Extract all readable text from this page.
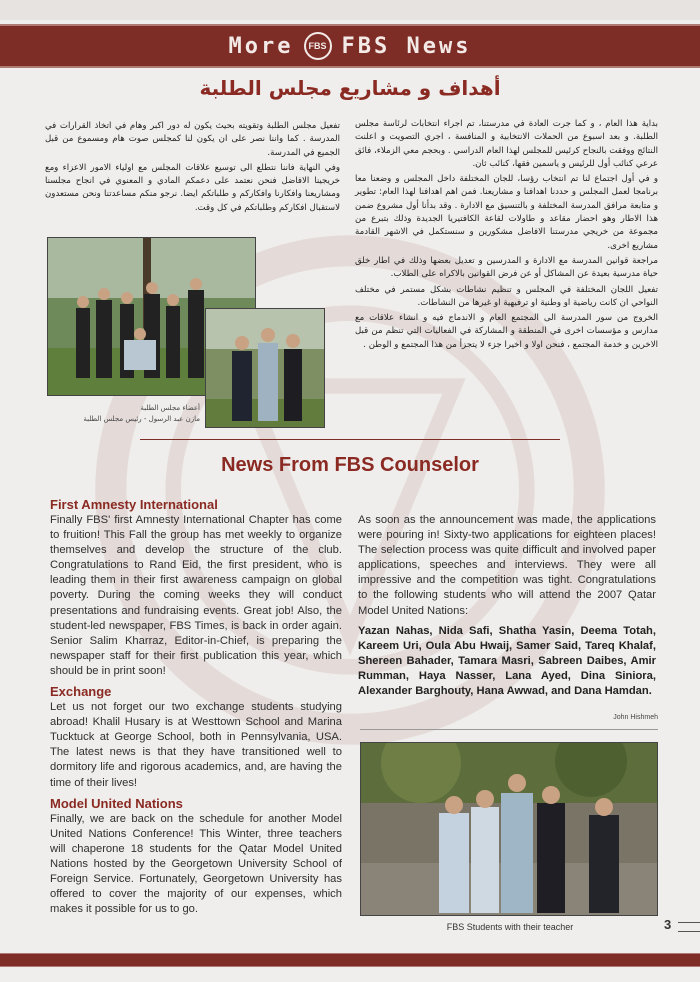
More	FBS FBS News
أهداف و مشاريع مجلس الطلبة

بداية هذا العام ، و كما جرت العادة في مدرستنا، تم اجراء انتخابات لرئاسة مجلس الطلبة. و بعد اسبوع من الحملات الانتخابية و المنافسة ، اجري التصويت و اعلنت النتائج ووفقت بالنجاح كرئيس للمجلس لهذا العام الدراسي . وبحجم معي الزملاء، فائق عرعي كنائب أول للرئيس و ياسمين فقها، كنائب ثان.

و في أول اجتماع لنا تم انتخاب رؤسا، للجان المختلفة داخل المجلس و وضعنا معا برنامجا لعمل المجلس و حددنا اهدافنا و مشاريعنا. فمن اهم اهدافنا لهذا العام: تطوير و متابعة مرافق المدرسة المختلفة و بالتنسيق مع الادارة . وقد بدأنا أول مشروع ضمن هذا الاطار وهو احضار مقاعد و طاولات لقاعة الكافتيريا الجديدة وذلك بتبرع من مجموعة من خريجي مدرستنا الافاضل مشكورين و سنستكمل في الاشهر القادمة مشاريع اخرى.

مراجعة قوانين المدرسة مع الادارة و المدرسين و تعديل بعضها وذلك في اطار خلق حياة مدرسية بعيدة عن المشاكل أو عن فرض القوانين بالاكراه على الطلاب.

تفعيل اللجان المختلفة في المجلس و تنظيم نشاطات بشكل مستمر في مختلف النواحي ان كانت رياضية او وطنية او ترفيهية او غيرها من النشاطات.

الخروج من سور المدرسة الى المجتمع العام و الاندماج فيه و انشاء علاقات مع مدارس و مؤسسات اخرى في المنطقة و المشاركة في الفعاليات التي تنظم من قبل الاخرين و خدمة المجتمع ، فنحن اولا و اخيرا جزء لا يتجزأ من هذا المجتمع و الوطن .

تفعيل مجلس الطلبة وتقويته بحيث يكون له دور اكبر وهام في اتخاذ القرارات في المدرسة . كما واننا نصر على ان يكون لنا كمجلس صوت هام ومسموع من قبل الجميع في المدرسة.

وفي النهاية فاننا نتطلع الى توسيع علاقات المجلس مع اولياء الامور الاعزاء ومع خريجينا الافاضل فنحن نعتمد على دعمكم المادي و المعنوي في انجاح مجلسنا ومشاريعنا وافكارنا وافكاركم و طلباتكم ايضا. نرجو منكم مساعدتنا ونحن مستعدون لاستقبال افكاركم وطلباتكم في كل وقت.

أعضاء مجلس الطلبة
مازن عبد الرسول - رئيس مجلس الطلبة
News From FBS Counselor
First Amnesty International

Finally FBS' first Amnesty International Chapter has come to fruition! This Fall the group has met weekly to organize themselves and develop the structure of the club. Congratulations to Rand Eid, the first president, who is leading them in their first awareness campaign on global poverty. During the coming weeks they will conduct presentations and fundraising events. Great job! Also, the student-led newspaper, FBS Times, is back in order again. Senior Salim Kharraz, Editor-in-Chief, is preparing the newspaper staff for their first publication this year, which should be in print soon!

Exchange

Let us not forget our two exchange students studying abroad! Khalil Husary is at Westtown School and Marina Tucktuck at George School, both in Pennsylvania, USA. The latest news is that they have transitioned well to dormitory life and rigorous academics, and, are having the time of their lives!

Model United Nations

Finally, we are back on the schedule for another Model United Nations Conference! This Winter, three teachers will chaperone 18 students for the Qatar Model United Nations hosted by the Georgetown University School of Foreign Service. Fortunately, Georgetown University has offered to cover the majority of our expenses, which makes it possible for us to go.

As soon as the announcement was made, the applications were pouring in! Sixty-two applications for eighteen places! The selection process was quite difficult and involved paper applications, speeches and interviews. They were all impressive and the competition was tight. Congratulations to the following students who will attend the 2007 Qatar Model United Nations:

Yazan Nahas, Nida Safi, Shatha Yasin, Deema Totah, Kareem Uri, Oula Abu Hwaij, Samer Said, Tareq Khalaf, Shereen Bahader, Tamara Masri, Sabreen Daibes, Amir Rumman, Haya Nasser, Lana Ayed, Dina Siniora, Alexander Barghouty, Hana Awwad, and Dana Hamdan.

John Hishmeh
FBS Students with their teacher	3
